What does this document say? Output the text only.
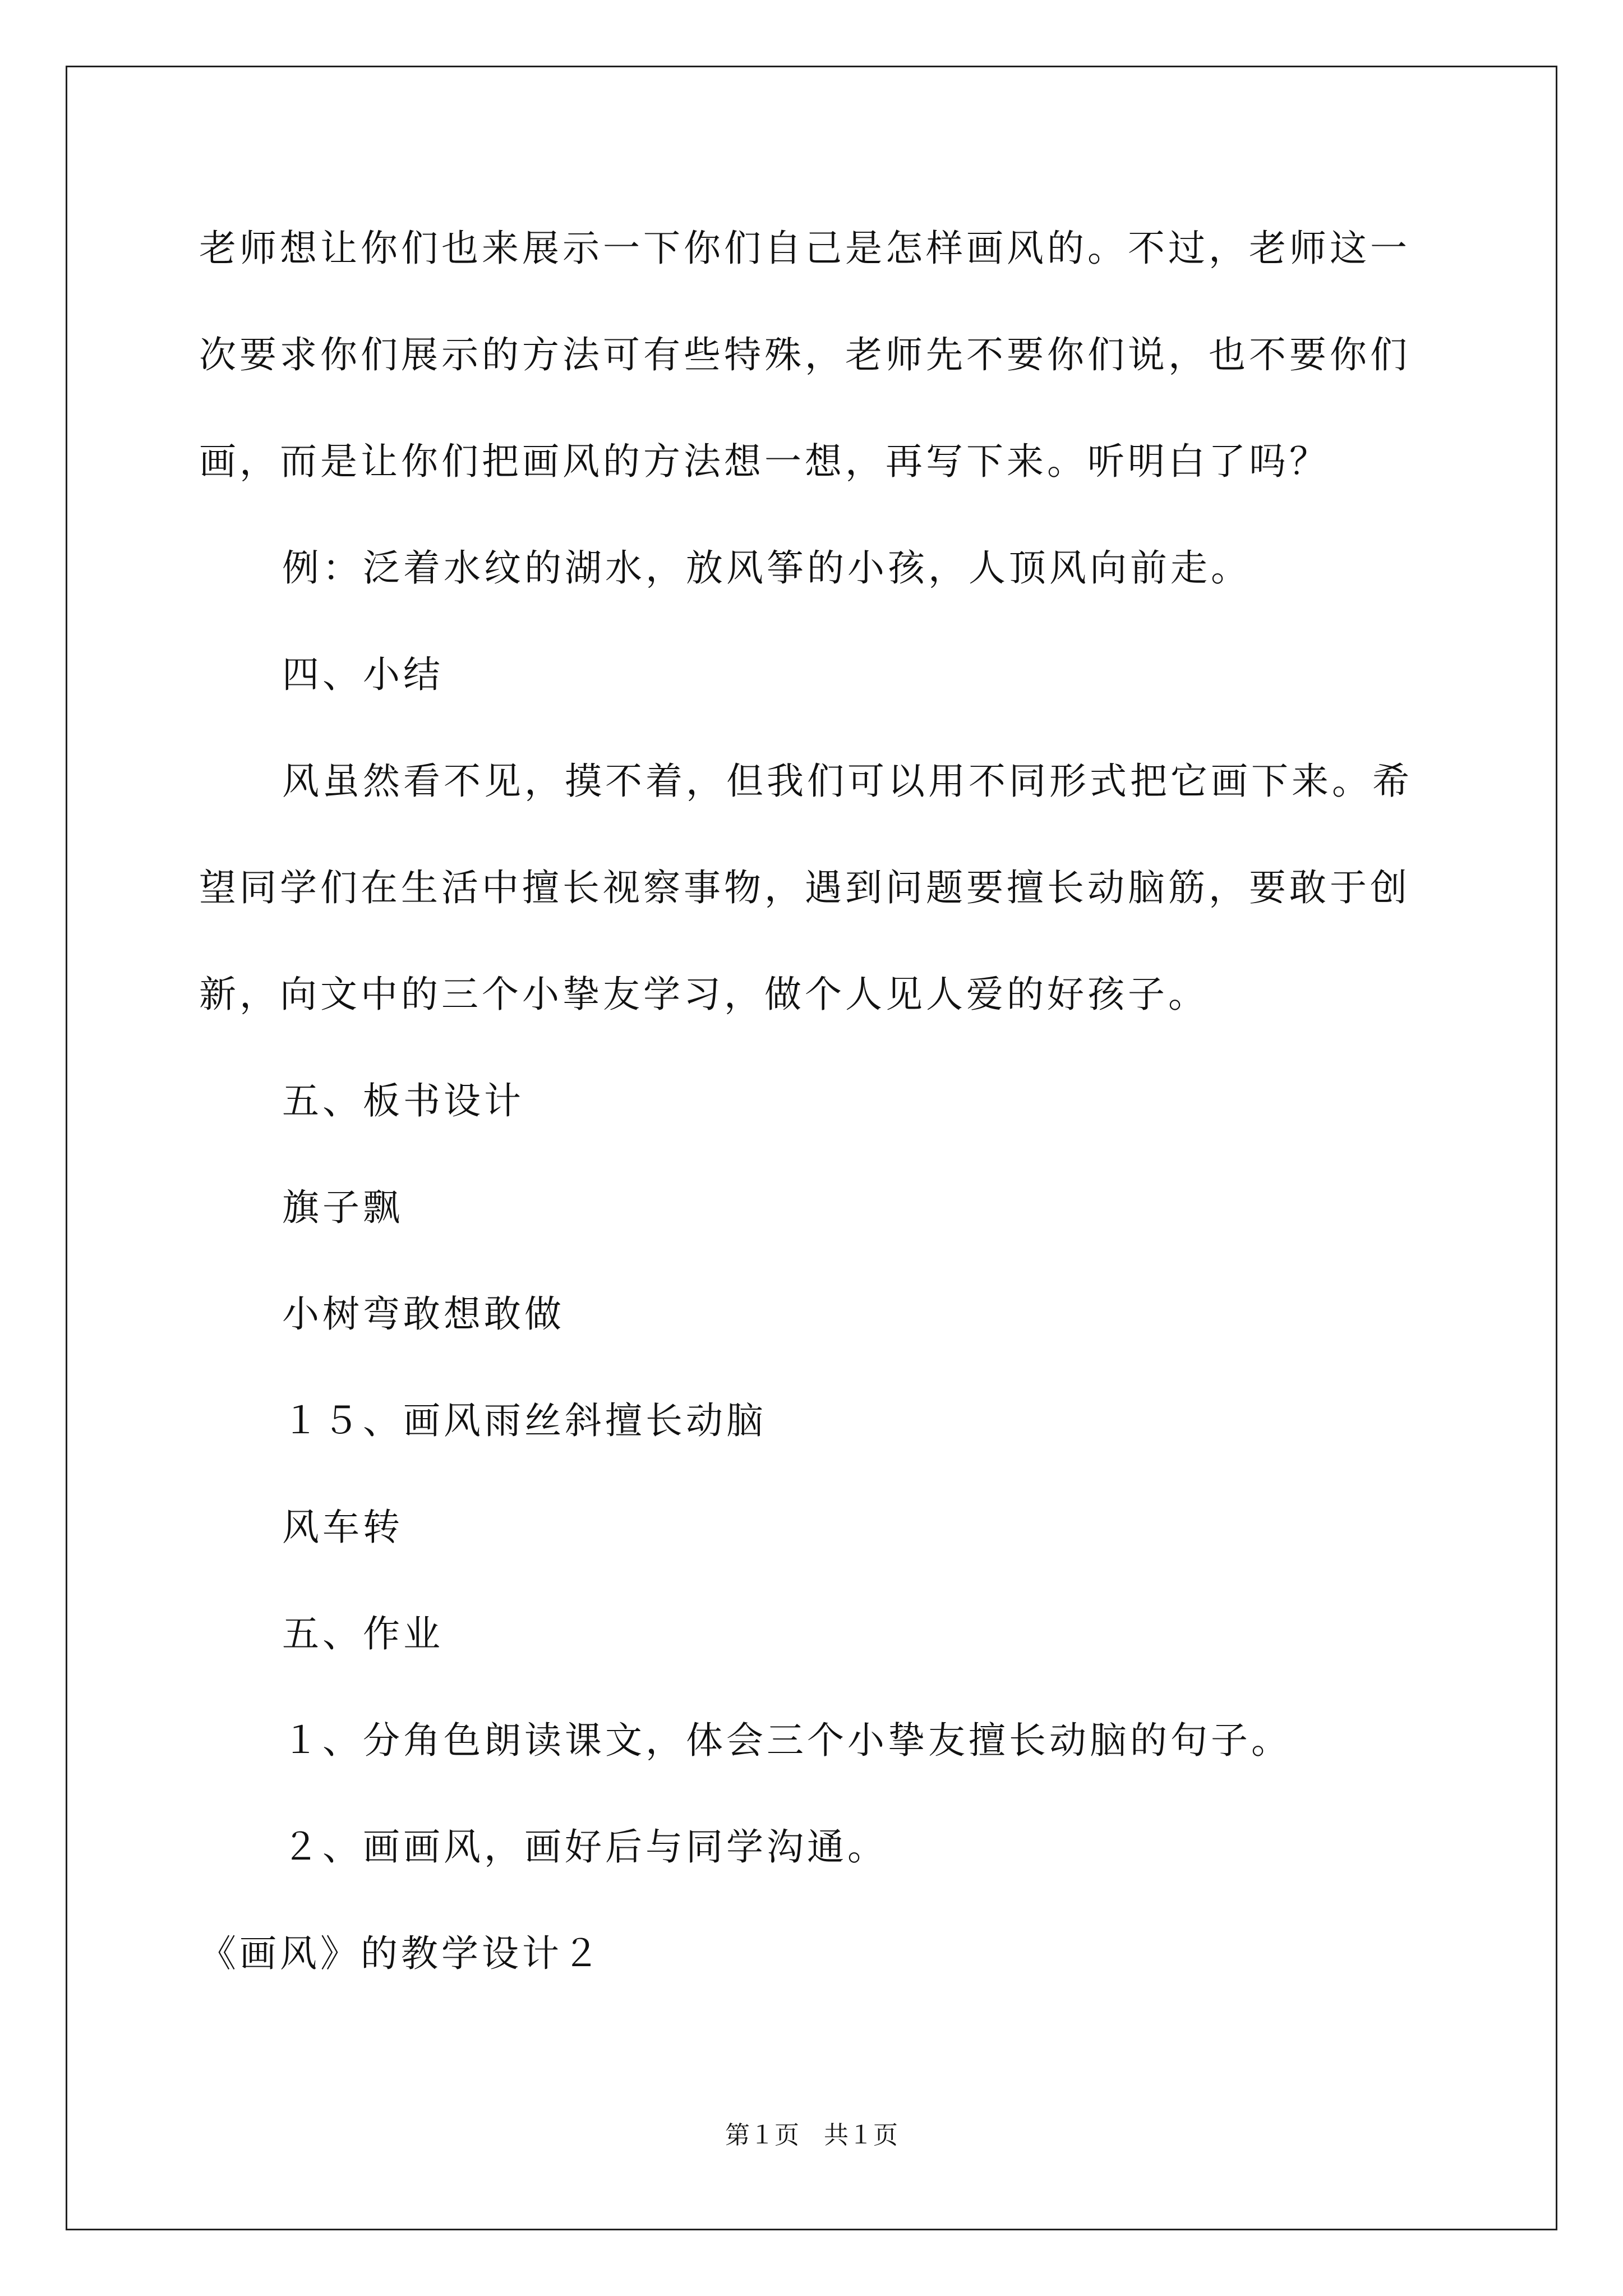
老师想让你们也来展示一下你们自己是怎样画风的。不过，老师这一
次要求你们展示的方法可有些特殊，老师先不要你们说，也不要你们
画，而是让你们把画风的方法想一想，再写下来。听明白了吗？
例：泛着水纹的湖水，放风筝的小孩，人顶风向前走。
四、小结
风虽然看不见，摸不着，但我们可以用不同形式把它画下来。希
望同学们在生活中擅长视察事物，遇到问题要擅长动脑筋，要敢于创
新，向文中的三个小挚友学习，做个人见人爱的好孩子。
五、板书设计
旗子飘
小树弯敢想敢做
１５、画风雨丝斜擅长动脑
风车转
五、作业
１、分角色朗读课文，体会三个小挚友擅长动脑的句子。
２、画画风，画好后与同学沟通。
《画风》的教学设计２
第１页　共１页
